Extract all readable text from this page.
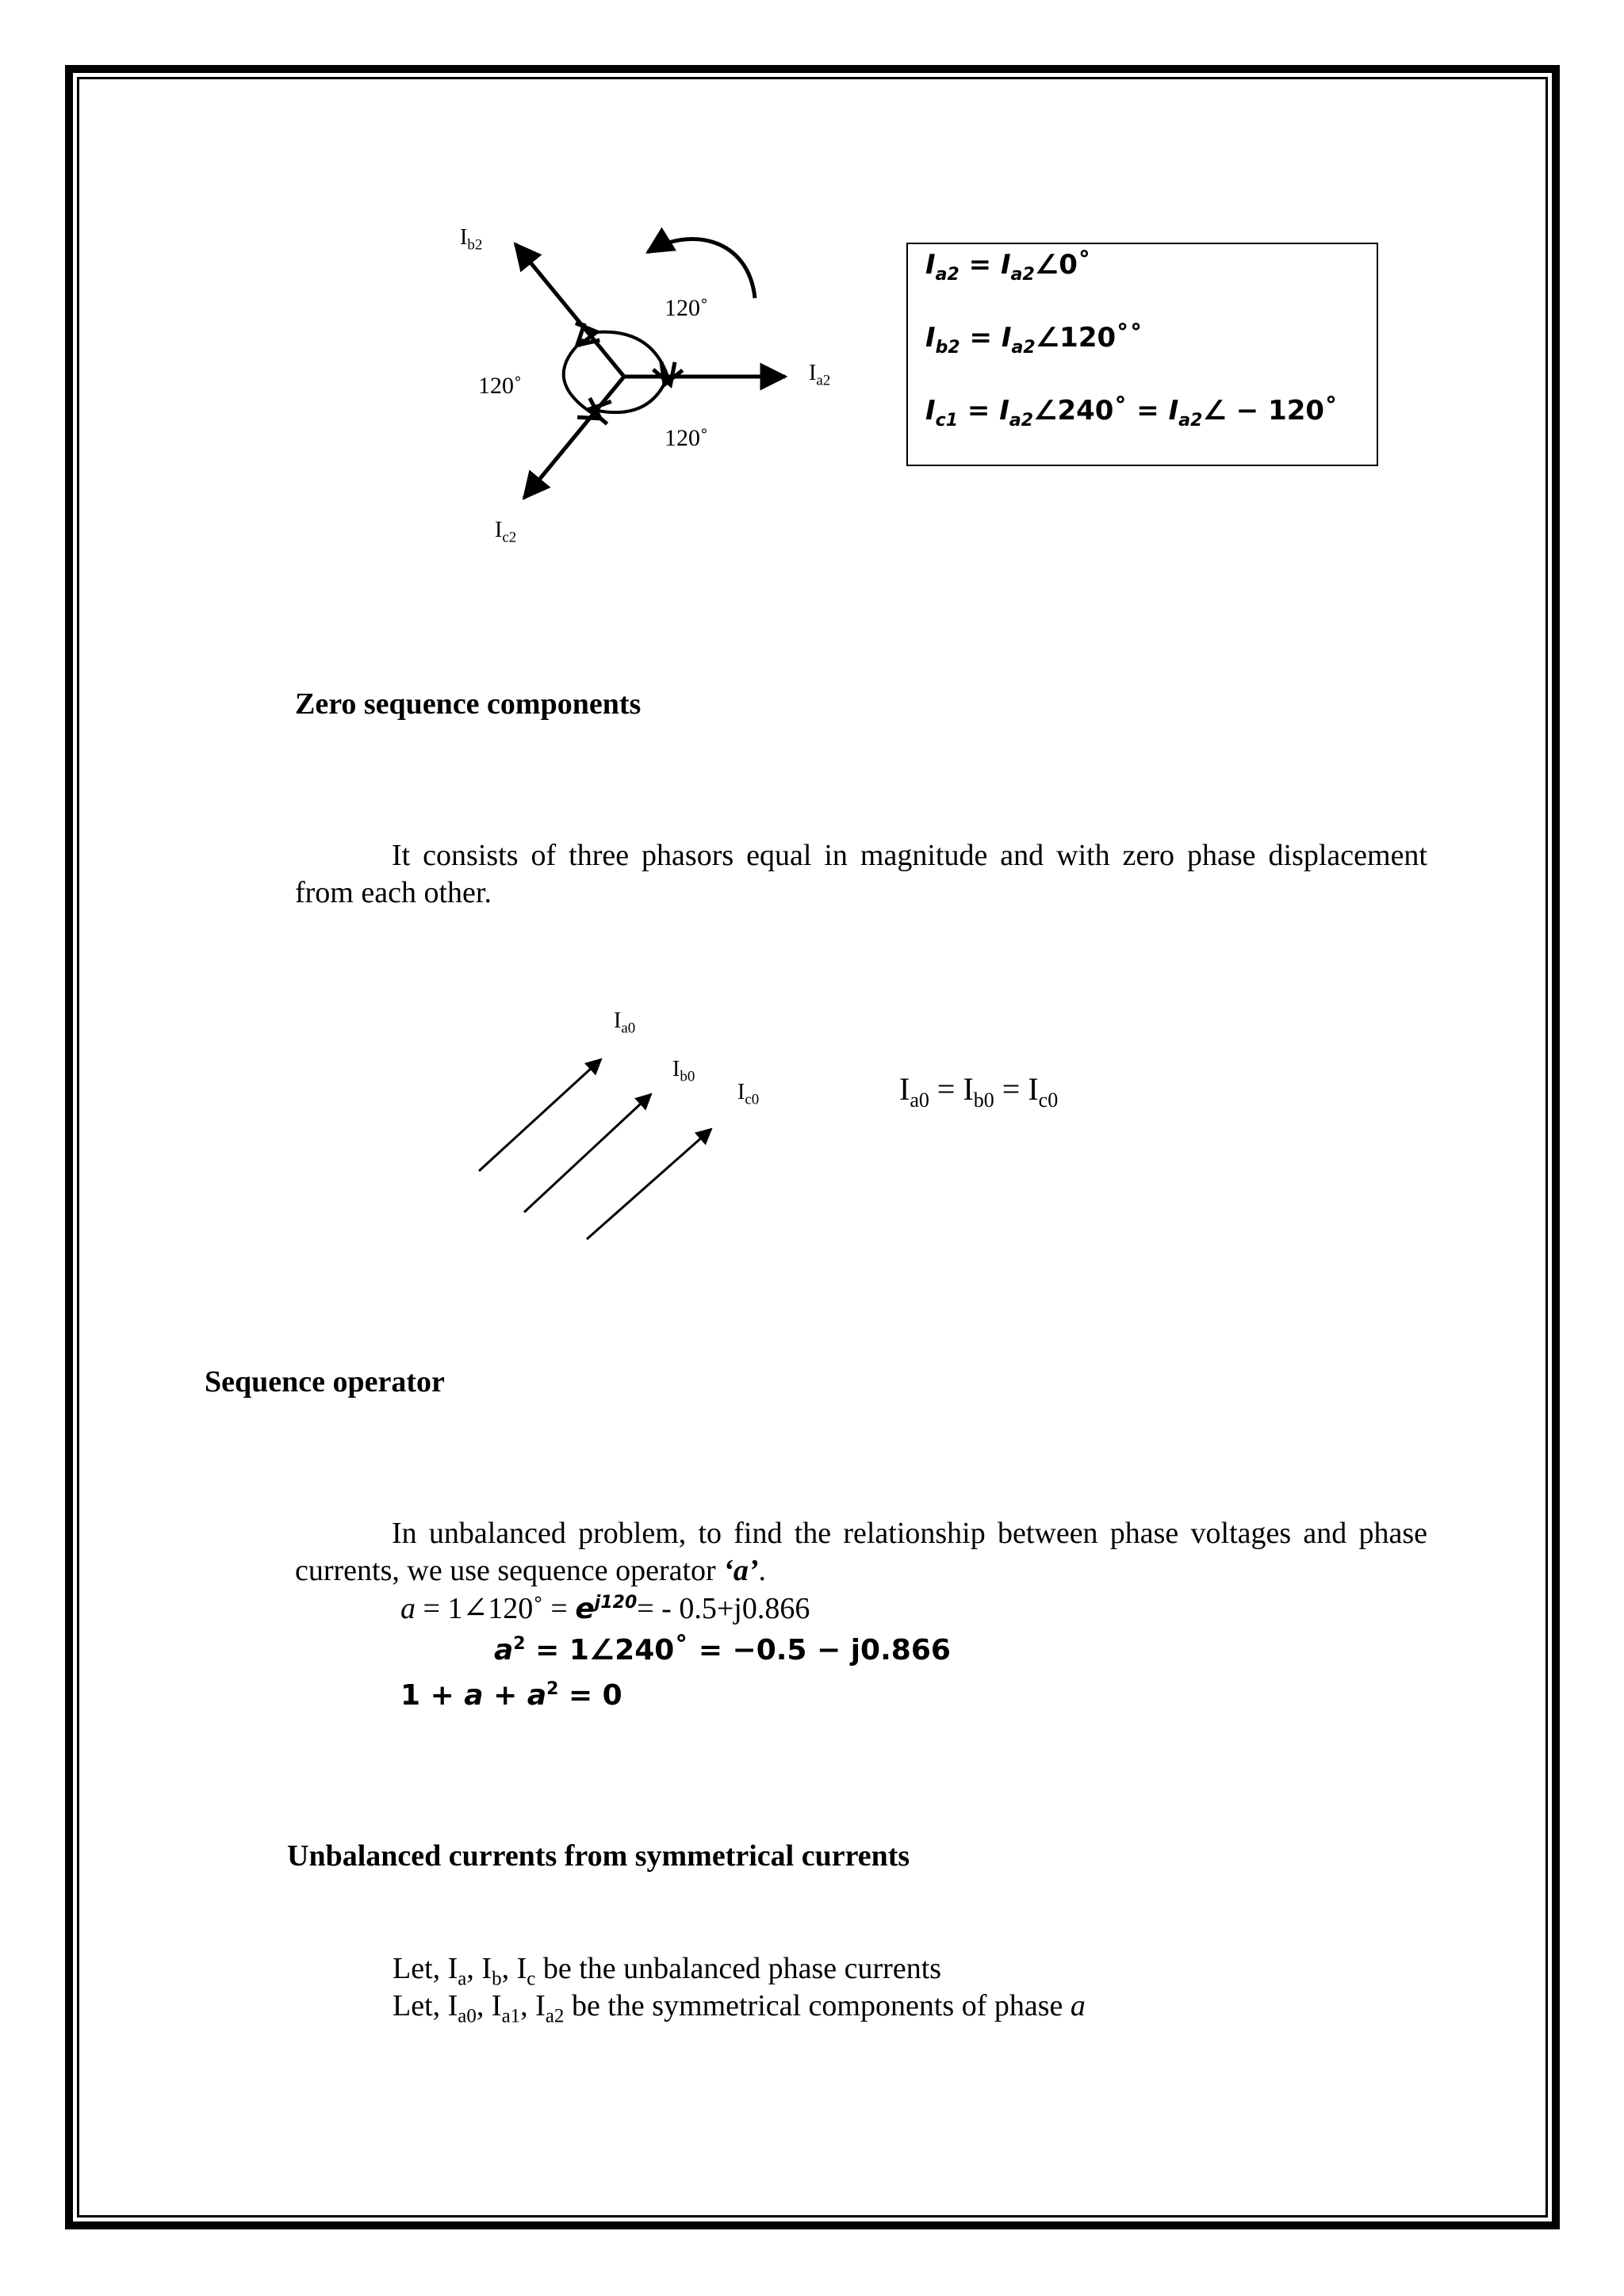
$I_{b2}$
$I_{a2}$
$I_{c2}$
120˚
120˚
120˚
$I_{a2}$ = $I_{a2}\angle 0˚$
$I_{b2}$ = $I_{a2}\angle 120˚˚$
$I_{c1}$ = $I_{a2}\angle 240˚$ = $I_{a2}\angle$ − 120˚
Zero sequence components
It consists of three phasors equal in magnitude and with zero phase displacement from each other.
$I_{a0}$
$I_{b0}$
$I_{c0}$	$I_{a0} = I_{b0} = I_{c0}$
Sequence operator
In unbalanced problem, to find the relationship between phase voltages and phase currents, we use sequence operator ‘a’.
a = 1∠120˚ = $e^{j120}= - 0.5+j0.866$
$a^2$ = 1∠240˚ = −0.5 − j0.866
$1 + a + a^2 = 0$
Unbalanced currents from symmetrical currents
Let, $I_a$, $I_b$, $I_c$ be the unbalanced phase currents
Let, $I_{a0}$, $I_{a1}$, $I_{a2}$ be the symmetrical components of phase a
